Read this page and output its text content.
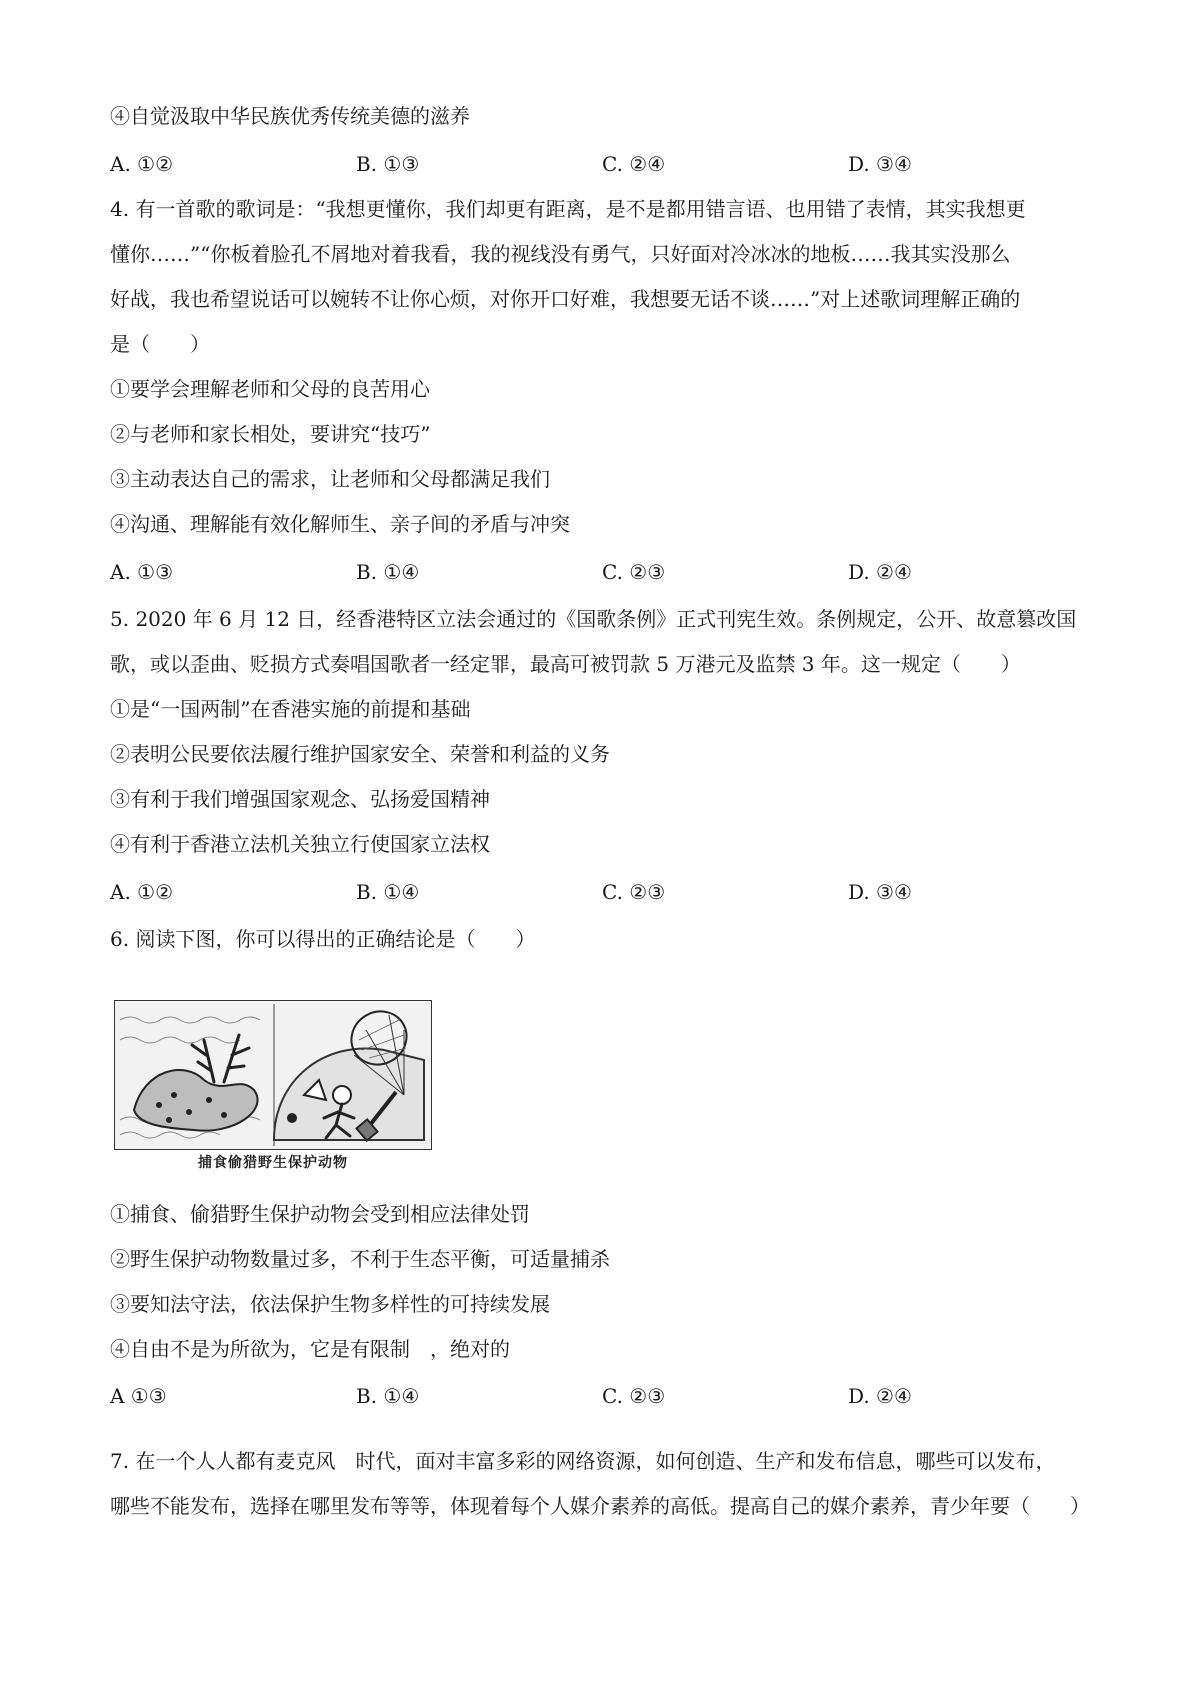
④自觉汲取中华民族优秀传统美德的滋养
A. ①②	B. ①③	C. ②④	D. ③④
4. 有一首歌的歌词是：“我想更懂你，我们却更有距离，是不是都用错言语、也用错了表情，其实我想更
懂你……”“你板着脸孔不屑地对着我看，我的视线没有勇气，只好面对冷冰冰的地板……我其实没那么
好战，我也希望说话可以婉转不让你心烦，对你开口好难，我想要无话不谈……”对上述歌词理解正确的
是（　　）
①要学会理解老师和父母的良苦用心
②与老师和家长相处，要讲究“技巧”
③主动表达自己的需求，让老师和父母都满足我们
④沟通、理解能有效化解师生、亲子间的矛盾与冲突
A. ①③	B. ①④	C. ②③	D. ②④
5. 2020 年 6 月 12 日，经香港特区立法会通过的《国歌条例》正式刊宪生效。条例规定，公开、故意篡改国
歌，或以歪曲、贬损方式奏唱国歌者一经定罪，最高可被罚款 5 万港元及监禁 3 年。这一规定（　　）
①是“一国两制”在香港实施的前提和基础
②表明公民要依法履行维护国家安全、荣誉和利益的义务
③有利于我们增强国家观念、弘扬爱国精神
④有利于香港立法机关独立行使国家立法权
A. ①②	B. ①④	C. ②③	D. ③④
6. 阅读下图，你可以得出的正确结论是（　　）
捕食偷猎野生保护动物
①捕食、偷猎野生保护动物会受到相应法律处罚
②野生保护动物数量过多，不利于生态平衡，可适量捕杀
③要知法守法，依法保护生物多样性的可持续发展
④自由不是为所欲为，它是有限制　，绝对的
A ①③	B. ①④	C. ②③	D. ②④
7. 在一个人人都有麦克风　时代，面对丰富多彩的网络资源，如何创造、生产和发布信息，哪些可以发布，
哪些不能发布，选择在哪里发布等等，体现着每个人媒介素养的高低。提高自己的媒介素养，青少年要（　　）
